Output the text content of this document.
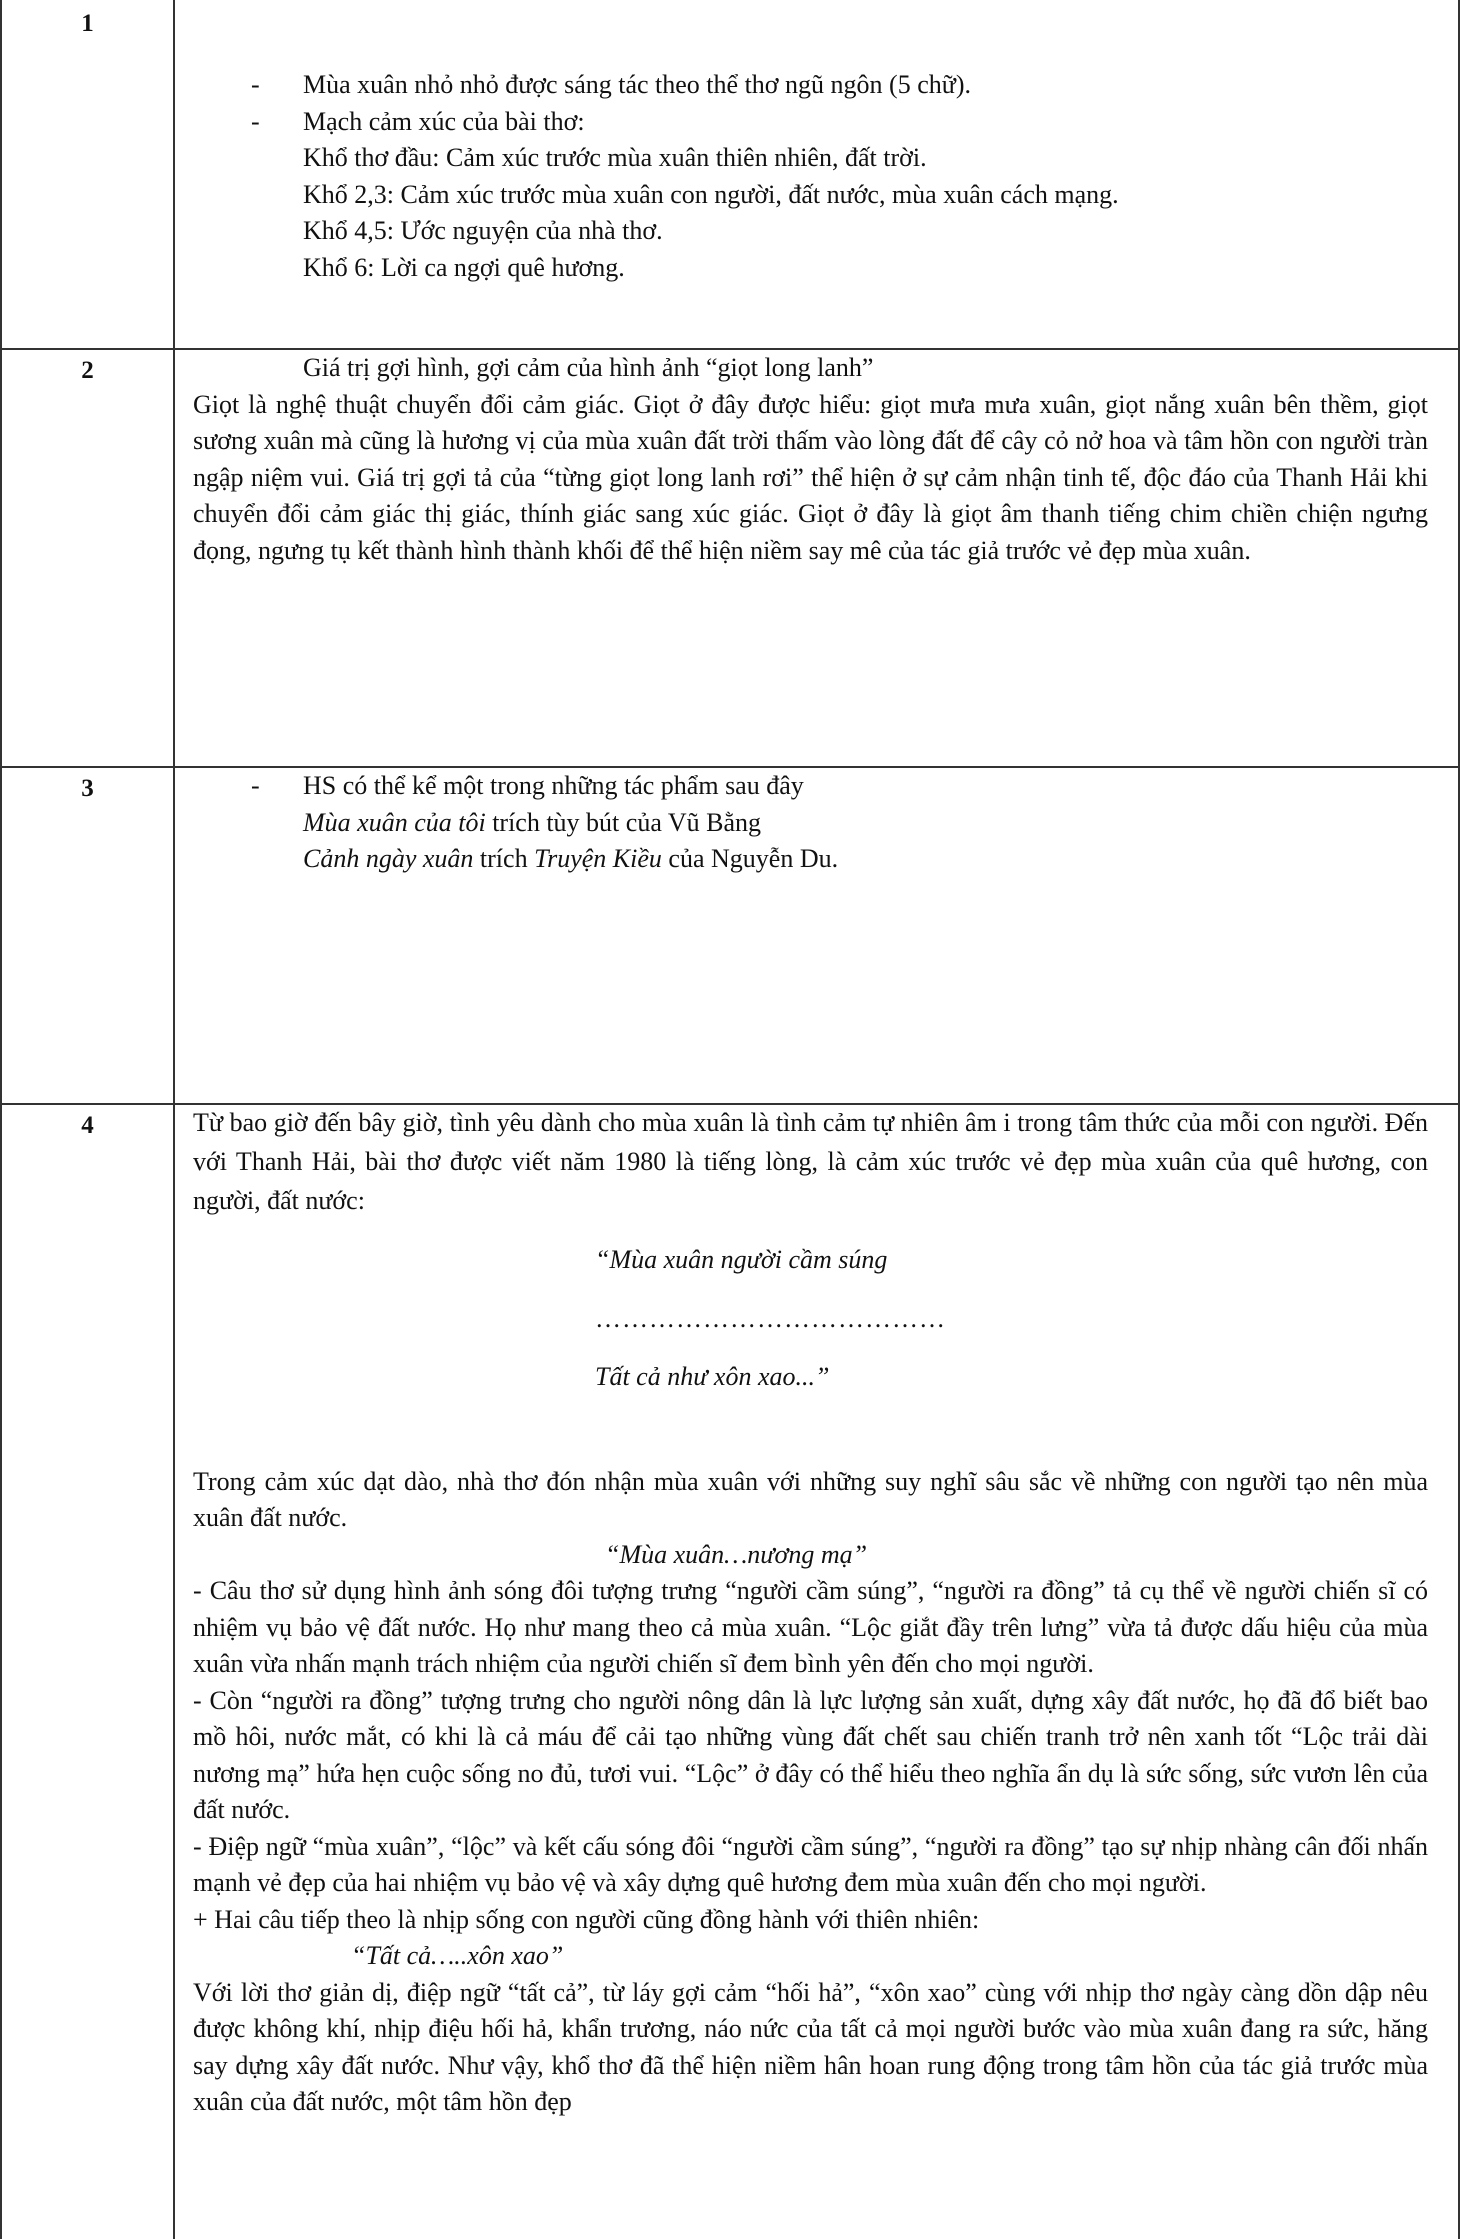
1

- Mùa xuân nhỏ nhỏ được sáng tác theo thể thơ ngũ ngôn (5 chữ).

- Mạch cảm xúc của bài thơ:

Khổ thơ đầu: Cảm xúc trước mùa xuân thiên nhiên, đất trời.

Khổ 2,3: Cảm xúc trước mùa xuân con người, đất nước, mùa xuân cách mạng.

Khổ 4,5: Ước nguyện của nhà thơ.

Khổ 6: Lời ca ngợi quê hương.

2	Giá trị gợi hình, gợi cảm của hình ảnh “giọt long lanh”

Giọt là nghệ thuật chuyển đổi cảm giác. Giọt ở đây được hiểu: giọt mưa mưa xuân, giọt nắng xuân bên thềm, giọt sương xuân mà cũng là hương vị của mùa xuân đất trời thấm vào lòng đất để cây cỏ nở hoa và tâm hồn con người tràn ngập niệm vui. Giá trị gợi tả của “từng giọt long lanh rơi” thể hiện ở sự cảm nhận tinh tế, độc đáo của Thanh Hải khi chuyển đổi cảm giác thị giác, thính giác sang xúc giác. Giọt ở đây là giọt âm thanh tiếng chim chiền chiện ngưng đọng, ngưng tụ kết thành hình thành khối để thể hiện niềm say mê của tác giả trước vẻ đẹp mùa xuân.

3

-	HS có thể kể một trong những tác phẩm sau đây

Mùa xuân của tôi trích tùy bút của Vũ Bằng

Cảnh ngày xuân trích Truyện Kiều của Nguyễn Du.

4	Từ bao giờ đến bây giờ, tình yêu dành cho mùa xuân là tình cảm tự nhiên âm i trong tâm thức của mỗi con người. Đến với Thanh Hải, bài thơ được viết năm 1980 là tiếng lòng, là cảm xúc trước vẻ đẹp mùa xuân của quê hương, con người, đất nước:

“Mùa xuân người cầm súng

…………………………………

Tất cả như xôn xao...”

Trong cảm xúc dạt dào, nhà thơ đón nhận mùa xuân với những suy nghĩ sâu sắc về những con người tạo nên mùa xuân đất nước.

“Mùa xuân…nương mạ”

- Câu thơ sử dụng hình ảnh sóng đôi tượng trưng “người cầm súng”, “người ra đồng” tả cụ thể về người chiến sĩ có nhiệm vụ bảo vệ đất nước. Họ như mang theo cả mùa xuân. “Lộc giắt đầy trên lưng” vừa tả được dấu hiệu của mùa xuân vừa nhấn mạnh trách nhiệm của người chiến sĩ đem bình yên đến cho mọi người.

- Còn “người ra đồng” tượng trưng cho người nông dân là lực lượng sản xuất, dựng xây đất nước, họ đã đổ biết bao mồ hôi, nước mắt, có khi là cả máu để cải tạo những vùng đất chết sau chiến tranh trở nên xanh tốt “Lộc trải dài nương mạ” hứa hẹn cuộc sống no đủ, tươi vui. “Lộc” ở đây có thể hiểu theo nghĩa ẩn dụ là sức sống, sức vươn lên của đất nước.

- Điệp ngữ “mùa xuân”, “lộc” và kết cấu sóng đôi “người cầm súng”, “người ra đồng” tạo sự nhịp nhàng cân đối nhấn mạnh vẻ đẹp của hai nhiệm vụ bảo vệ và xây dựng quê hương đem mùa xuân đến cho mọi người.

+ Hai câu tiếp theo là nhịp sống con người cũng đồng hành với thiên nhiên:

“Tất cả…..xôn xao”

Với lời thơ giản dị, điệp ngữ “tất cả”, từ láy gợi cảm “hối hả”, “xôn xao” cùng với nhịp thơ ngày càng dồn dập nêu được không khí, nhịp điệu hối hả, khẩn trương, náo nức của tất cả mọi người bước vào mùa xuân đang ra sức, hăng say dựng xây đất nước. Như vậy, khổ thơ đã thể hiện niềm hân hoan rung động trong tâm hồn của tác giả trước mùa xuân của đất nước, một tâm hồn đẹp
